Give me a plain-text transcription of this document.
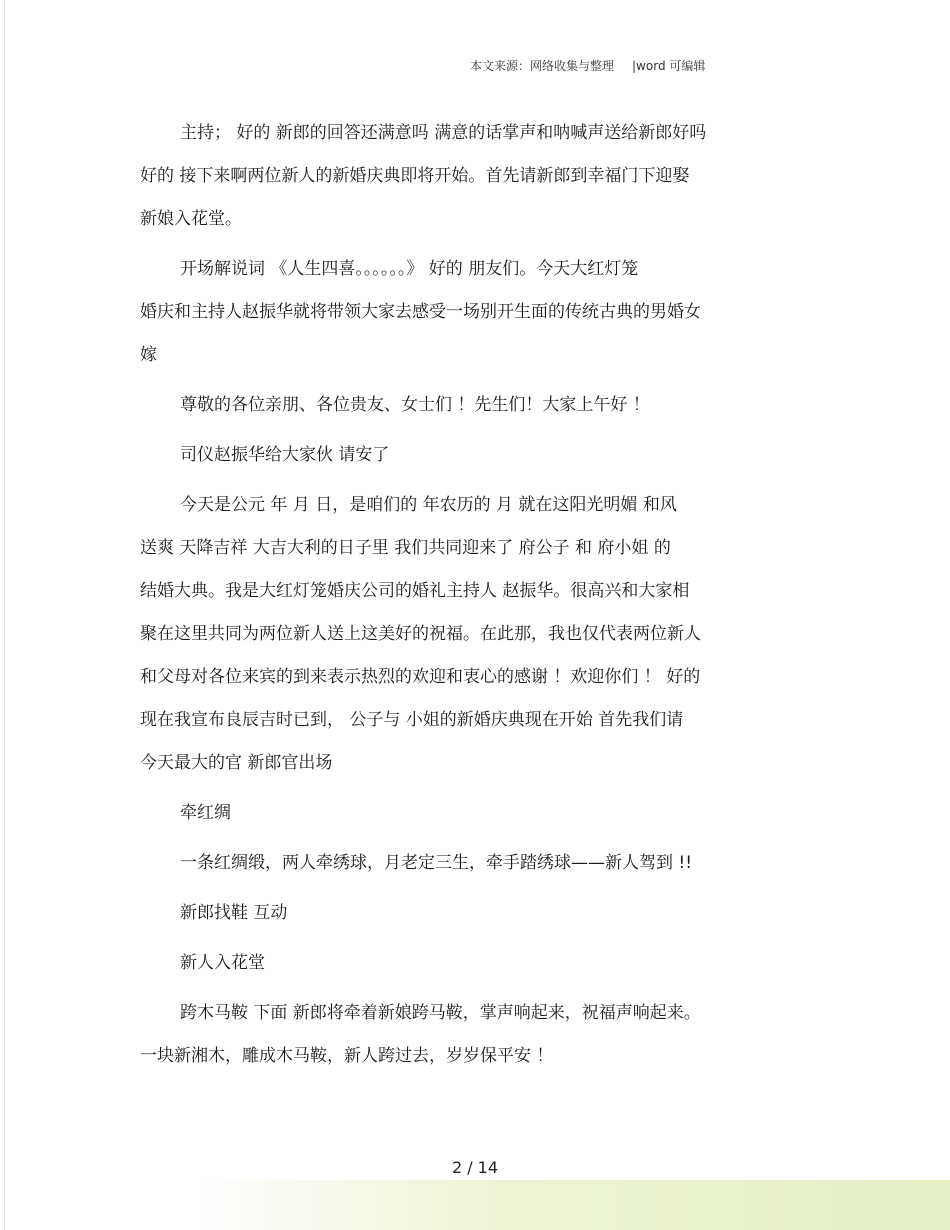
本文来源：网络收集与整理 |word 可编辑
主持； 好的 新郎的回答还满意吗 满意的话掌声和呐喊声送给新郎好吗
好的 接下来啊两位新人的新婚庆典即将开始。首先请新郎到幸福门下迎娶
新娘入花堂。
开场解说词 《人生四喜。。。。。。》 好的 朋友们。今天大红灯笼
婚庆和主持人赵振华就将带领大家去感受一场别开生面的传统古典的男婚女
嫁
尊敬的各位亲朋、各位贵友、女士们 ！先生们！大家上午好 ！
司仪赵振华给大家伙 请安了
今天是公元 年 月 日，是咱们的 年农历的 月 就在这阳光明媚 和风
送爽 天降吉祥 大吉大利的日子里 我们共同迎来了 府公子 和 府小姐 的
结婚大典。我是大红灯笼婚庆公司的婚礼主持人 赵振华。很高兴和大家相
聚在这里共同为两位新人送上这美好的祝福。在此那，我也仅代表两位新人
和父母对各位来宾的到来表示热烈的欢迎和衷心的感谢 ！欢迎你们 ！ 好的
现在我宣布良辰吉时已到， 公子与 小姐的新婚庆典现在开始 首先我们请
今天最大的官 新郎官出场
牵红绸
一条红绸缎，两人牵绣球，月老定三生，牵手踏绣球——新人驾到 !!
新郎找鞋 互动
新人入花堂
跨木马鞍 下面 新郎将牵着新娘跨马鞍，掌声响起来，祝福声响起来。
一块新湘木，雕成木马鞍，新人跨过去，岁岁保平安 ！
2 / 14
